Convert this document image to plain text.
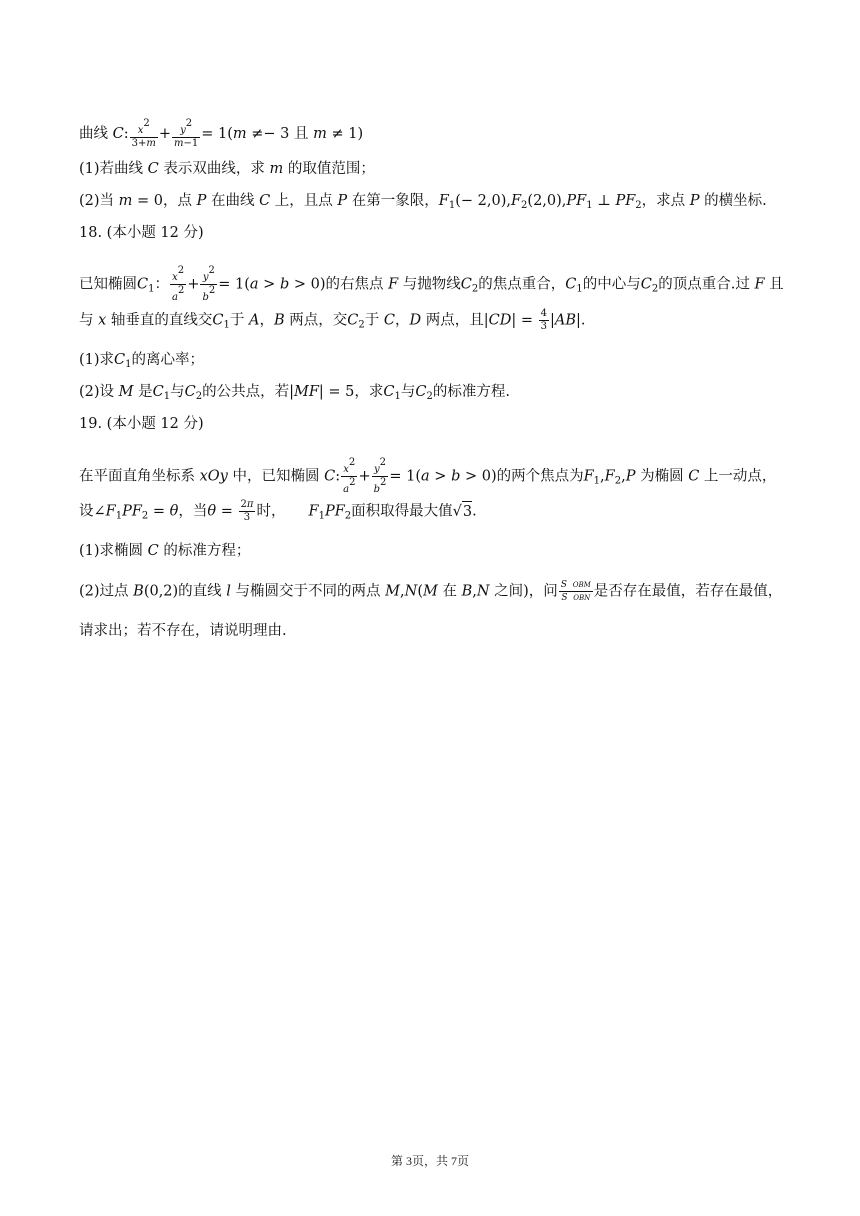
曲线 C: $\frac{x^2}{3+m} + \frac{y^2}{m-1} = 1(m \ne- 3$ 且 m ≠ 1)
(1)若曲线 C 表示双曲线，求 m 的取值范围；
(2)当 m = 0，点 P 在曲线 C 上，且点 P 在第一象限，$F_1(- 2,0),F_2(2,0),PF_1$ ⊥ $PF_2$，求点 P 的横坐标.
18. (本小题 12 分)
已知椭圆$C_1$： $\frac{x^2}{a^2} + \frac{y^2}{b^2} = 1(a > b > 0)$的右焦点 F 与抛物线$C_2$的焦点重合，$C_1$的中心与$C_2$的顶点重合.过 F 且
与 x 轴垂直的直线交$C_1$于 A，B 两点，交$C_2$于 C，D 两点，且$|CD| = \frac{4}{3} |AB|$.
(1)求$C_1$的离心率；
(2)设 M 是$C_1$与$C_2$的公共点，若|MF| = 5，求$C_1$与$C_2$的标准方程.
19. (本小题 12 分)
在平面直角坐标系 xOy 中，已知椭圆 C: $\frac{x^2}{a^2} + \frac{y^2}{b^2} = 1(a > b > 0)$的两个焦点为$F_1,F_2,P$ 为椭圆 C 上一动点，
设$\angle F_1PF_2 = \theta$，当$\theta = \frac{2\pi}{3}$ 时，     $F_1PF_2$面积取得最大值√3.
(1)求椭圆 C 的标准方程；
(2)过点 B(0,2)的直线 l 与椭圆交于不同的两点 M,N(M 在 B,N 之间)，问 $\frac{\text{S OBM}}{\text{S OBN}}$ 是否存在最值，若存在最值，
请求出；若不存在，请说明理由.
第 3页，共 7页
